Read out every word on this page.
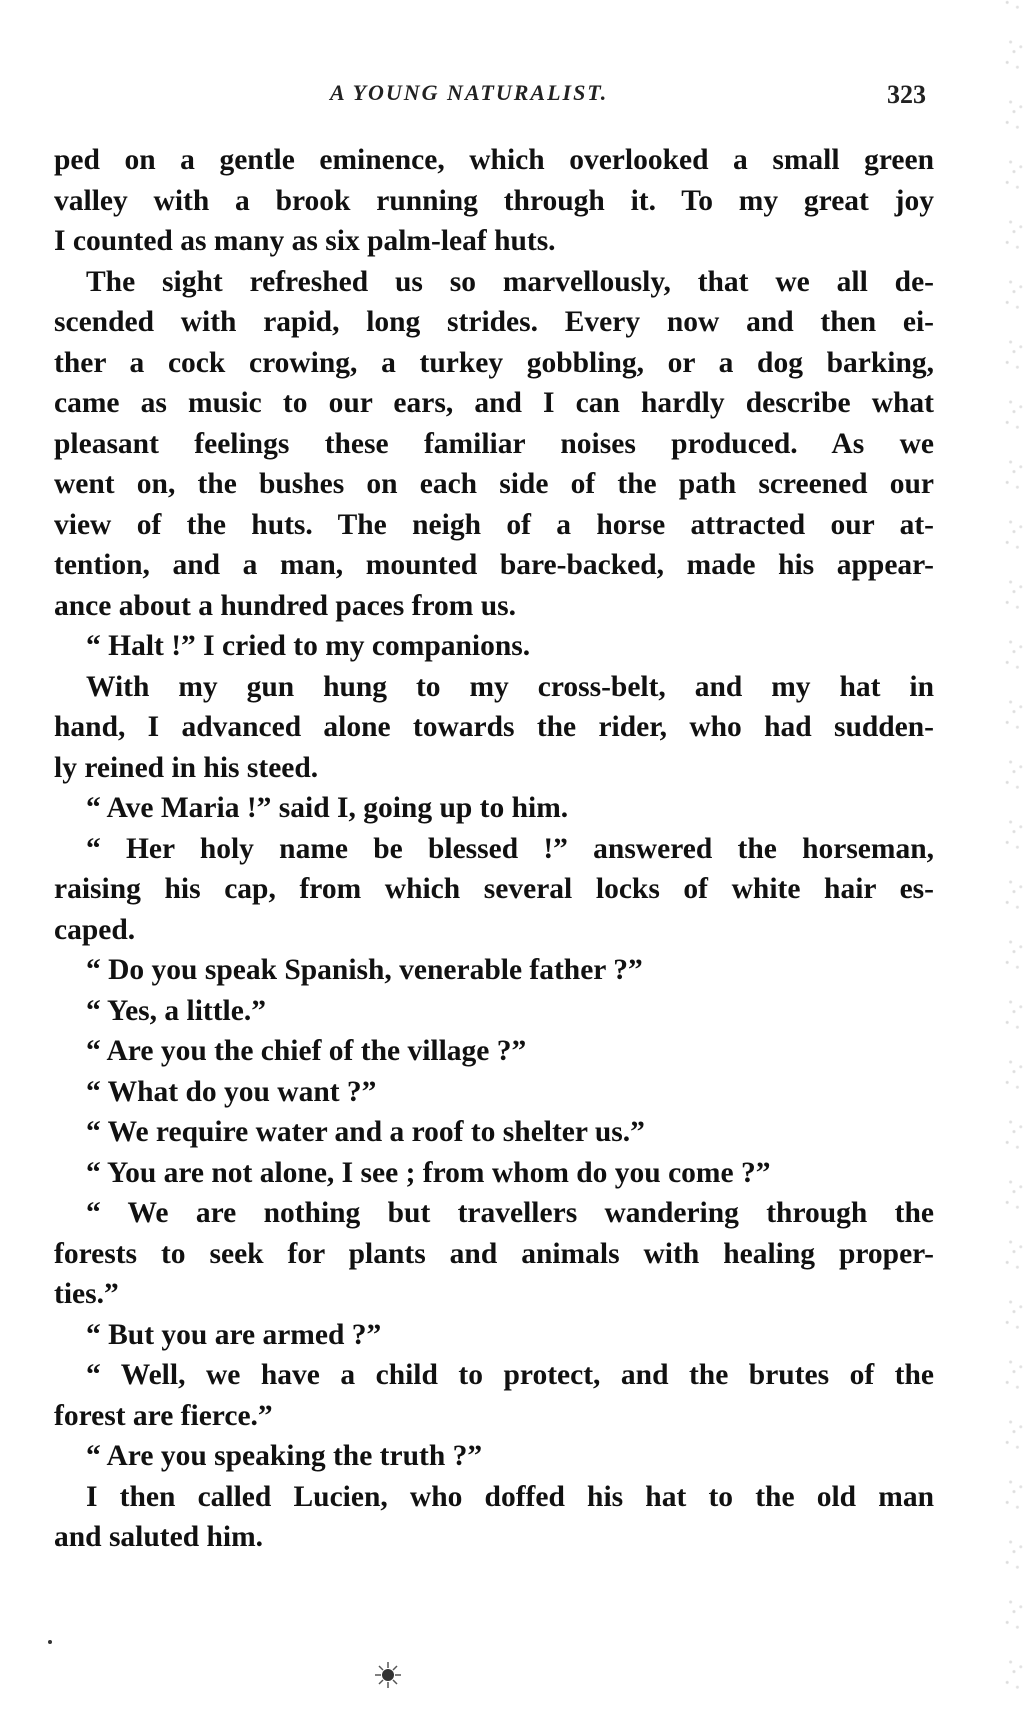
A YOUNG NATURALIST.	323
ped on a gentle eminence, which overlooked a small green
valley with a brook running through it. To my great joy
I counted as many as six palm-leaf huts.
The sight refreshed us so marvellously, that we all de-
scended with rapid, long strides. Every now and then ei-
ther a cock crowing, a turkey gobbling, or a dog barking,
came as music to our ears, and I can hardly describe what
pleasant feelings these familiar noises produced. As we
went on, the bushes on each side of the path screened our
view of the huts. The neigh of a horse attracted our at-
tention, and a man, mounted bare-backed, made his appear-
ance about a hundred paces from us.
“ Halt !” I cried to my companions.
With my gun hung to my cross-belt, and my hat in
hand, I advanced alone towards the rider, who had sudden-
ly reined in his steed.
“ Ave Maria !” said I, going up to him.
“ Her holy name be blessed !” answered the horseman,
raising his cap, from which several locks of white hair es-
caped.
“ Do you speak Spanish, venerable father ?”
“ Yes, a little.”
“ Are you the chief of the village ?”
“ What do you want ?”
“ We require water and a roof to shelter us.”
“ You are not alone, I see ; from whom do you come ?”
“ We are nothing but travellers wandering through the
forests to seek for plants and animals with healing proper-
ties.”
“ But you are armed ?”
“ Well, we have a child to protect, and the brutes of the
forest are fierce.”
“ Are you speaking the truth ?”
I then called Lucien, who doffed his hat to the old man
and saluted him.
